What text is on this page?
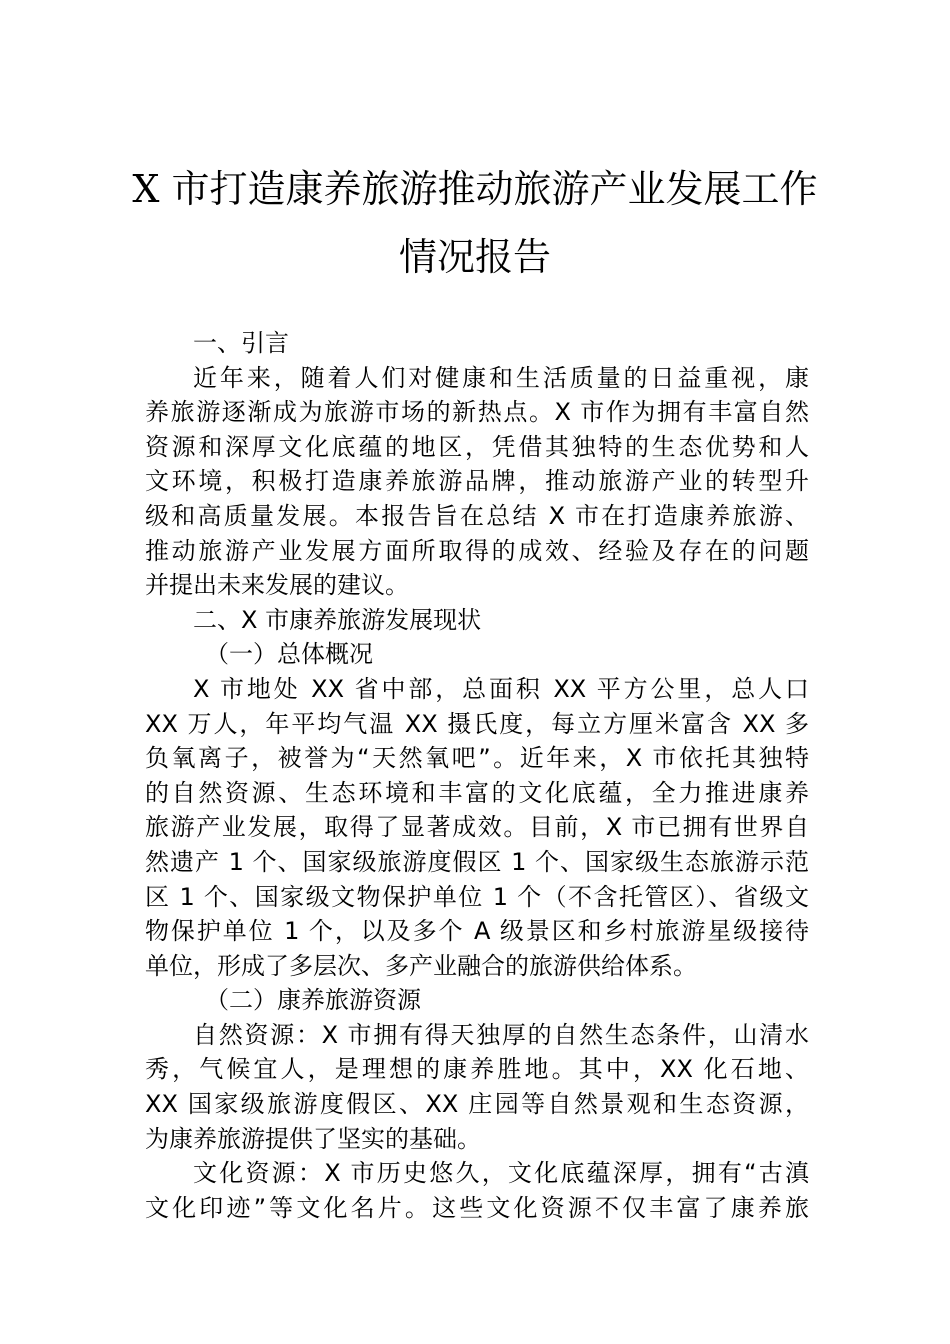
X 市打造康养旅游推动旅游产业发展工作
情况报告
一、引言
近年来，随着人们对健康和生活质量的日益重视，康
养旅游逐渐成为旅游市场的新热点。X 市作为拥有丰富自然
资源和深厚文化底蕴的地区，凭借其独特的生态优势和人
文环境，积极打造康养旅游品牌，推动旅游产业的转型升
级和高质量发展。本报告旨在总结 X 市在打造康养旅游、
推动旅游产业发展方面所取得的成效、经验及存在的问题
并提出未来发展的建议。
二、X 市康养旅游发展现状
（一）总体概况
X 市地处 XX 省中部，总面积 XX 平方公里，总人口
XX 万人，年平均气温 XX 摄氏度，每立方厘米富含 XX 多
负氧离子，被誉为“天然氧吧”。近年来，X 市依托其独特
的自然资源、生态环境和丰富的文化底蕴，全力推进康养
旅游产业发展，取得了显著成效。目前，X 市已拥有世界自
然遗产 1 个、国家级旅游度假区 1 个、国家级生态旅游示范
区 1 个、国家级文物保护单位 1 个（不含托管区）、省级文
物保护单位 1 个，以及多个 A 级景区和乡村旅游星级接待
单位，形成了多层次、多产业融合的旅游供给体系。
（二）康养旅游资源
自然资源：X 市拥有得天独厚的自然生态条件，山清水
秀，气候宜人，是理想的康养胜地。其中，XX 化石地、
XX 国家级旅游度假区、XX 庄园等自然景观和生态资源，
为康养旅游提供了坚实的基础。
文化资源：X 市历史悠久，文化底蕴深厚，拥有“古滇
文化印迹”等文化名片。这些文化资源不仅丰富了康养旅
